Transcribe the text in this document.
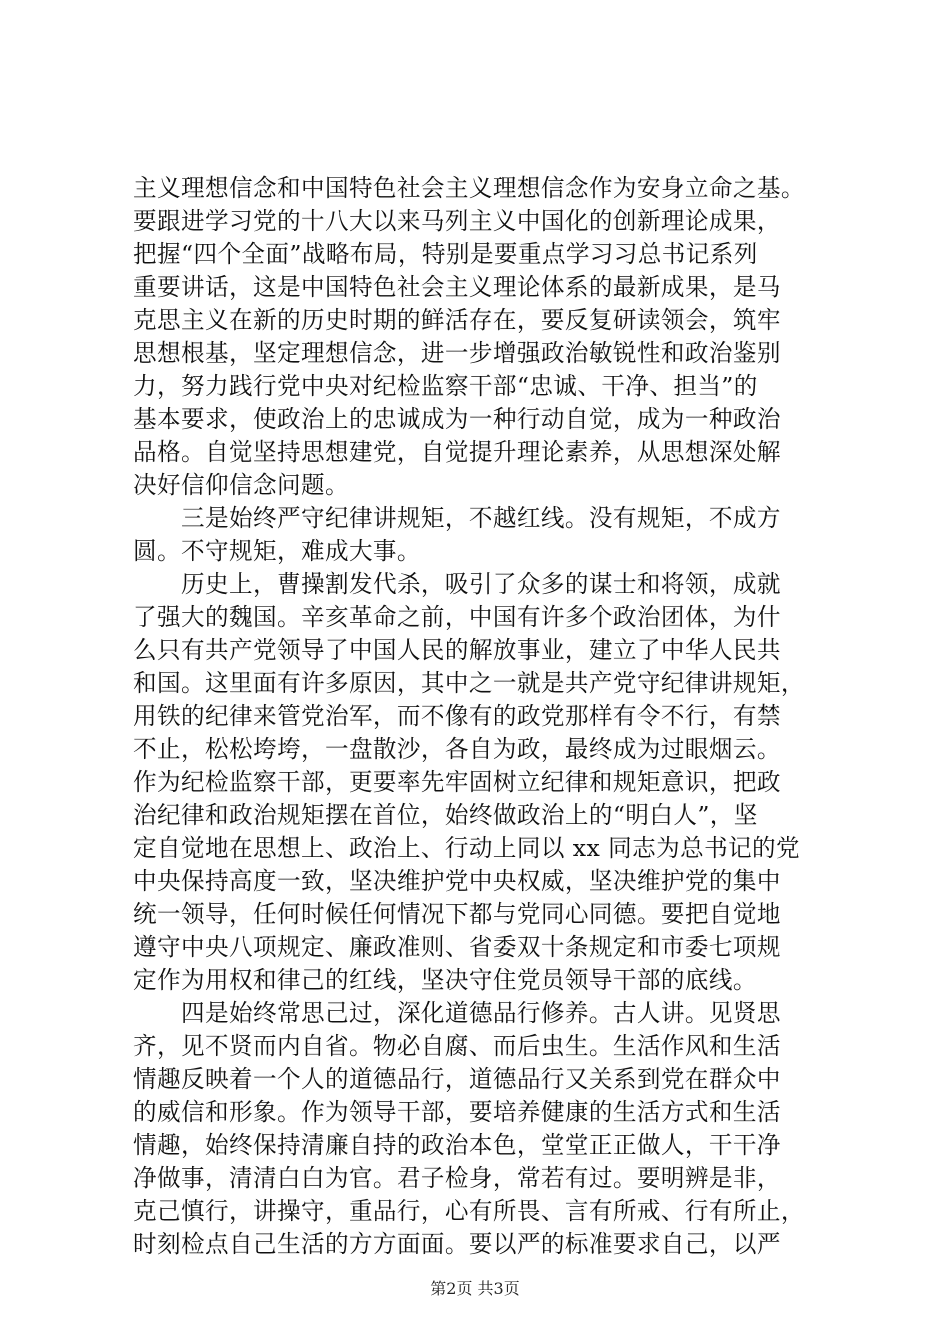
主义理想信念和中国特色社会主义理想信念作为安身立命之基。
要跟进学习党的十八大以来马列主义中国化的创新理论成果，
把握“四个全面”战略布局，特别是要重点学习习总书记系列
重要讲话，这是中国特色社会主义理论体系的最新成果，是马
克思主义在新的历史时期的鲜活存在，要反复研读领会，筑牢
思想根基，坚定理想信念，进一步增强政治敏锐性和政治鉴别
力，努力践行党中央对纪检监察干部“忠诚、干净、担当”的
基本要求，使政治上的忠诚成为一种行动自觉，成为一种政治
品格。自觉坚持思想建党，自觉提升理论素养，从思想深处解
决好信仰信念问题。
三是始终严守纪律讲规矩，不越红线。没有规矩，不成方
圆。不守规矩，难成大事。
历史上，曹操割发代杀，吸引了众多的谋士和将领，成就
了强大的魏国。辛亥革命之前，中国有许多个政治团体，为什
么只有共产党领导了中国人民的解放事业，建立了中华人民共
和国。这里面有许多原因，其中之一就是共产党守纪律讲规矩，
用铁的纪律来管党治军，而不像有的政党那样有令不行，有禁
不止，松松垮垮，一盘散沙，各自为政，最终成为过眼烟云。
作为纪检监察干部，更要率先牢固树立纪律和规矩意识，把政
治纪律和政治规矩摆在首位，始终做政治上的“明白人”，坚
定自觉地在思想上、政治上、行动上同以 xx 同志为总书记的党
中央保持高度一致，坚决维护党中央权威，坚决维护党的集中
统一领导，任何时候任何情况下都与党同心同德。要把自觉地
遵守中央八项规定、廉政准则、省委双十条规定和市委七项规
定作为用权和律己的红线，坚决守住党员领导干部的底线。
四是始终常思己过，深化道德品行修养。古人讲。见贤思
齐，见不贤而内自省。物必自腐、而后虫生。生活作风和生活
情趣反映着一个人的道德品行，道德品行又关系到党在群众中
的威信和形象。作为领导干部，要培养健康的生活方式和生活
情趣，始终保持清廉自持的政治本色，堂堂正正做人，干干净
净做事，清清白白为官。君子检身，常若有过。要明辨是非，
克己慎行，讲操守，重品行，心有所畏、言有所戒、行有所止，
时刻检点自己生活的方方面面。要以严的标准要求自己，以严
第2页 共3页
